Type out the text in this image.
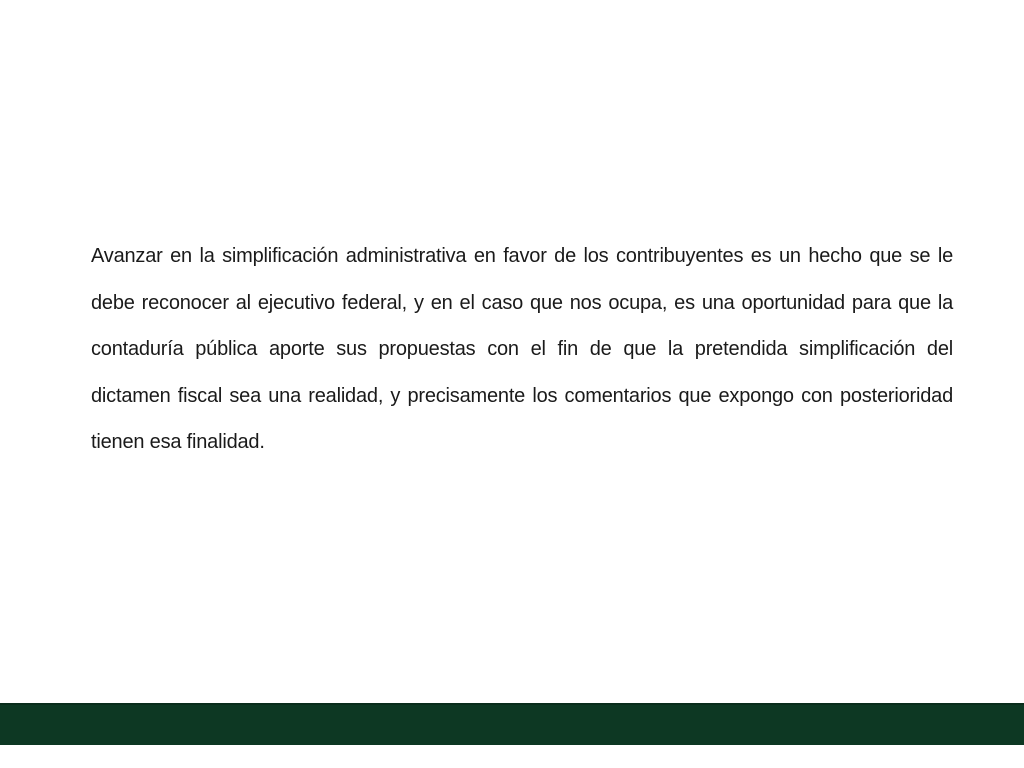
Avanzar en la simplificación administrativa en favor de los contribuyentes es un hecho que se le debe reconocer al ejecutivo federal, y en el caso que nos ocupa, es una oportunidad para que la contaduría pública aporte sus propuestas con el fin de que la pretendida simplificación del dictamen fiscal sea una realidad, y precisamente los comentarios que expongo con posterioridad tienen esa finalidad.
